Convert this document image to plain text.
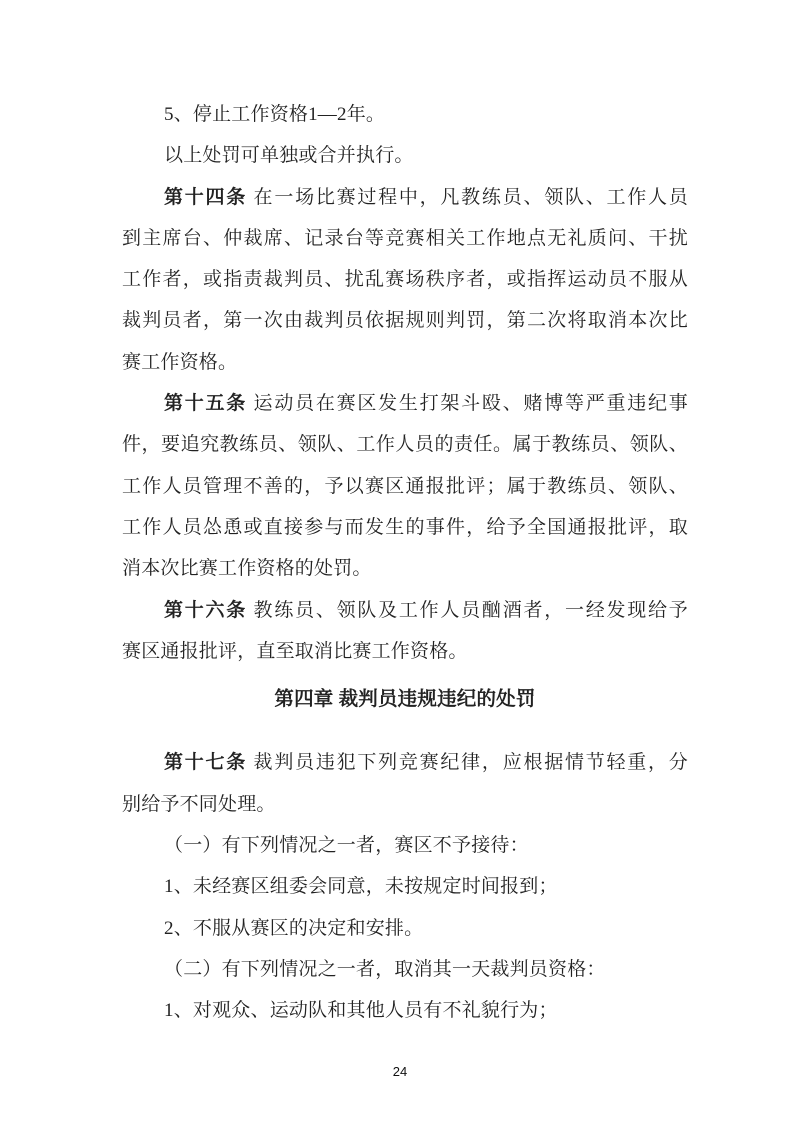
5、停止工作资格1—2年。
以上处罚可单独或合并执行。
第十四条 在一场比赛过程中，凡教练员、领队、工作人员
到主席台、仲裁席、记录台等竞赛相关工作地点无礼质问、干扰
工作者，或指责裁判员、扰乱赛场秩序者，或指挥运动员不服从
裁判员者，第一次由裁判员依据规则判罚，第二次将取消本次比
赛工作资格。
第十五条 运动员在赛区发生打架斗殴、赌博等严重违纪事
件，要追究教练员、领队、工作人员的责任。属于教练员、领队、
工作人员管理不善的，予以赛区通报批评；属于教练员、领队、
工作人员怂恿或直接参与而发生的事件，给予全国通报批评，取
消本次比赛工作资格的处罚。
第十六条 教练员、领队及工作人员酗酒者，一经发现给予
赛区通报批评，直至取消比赛工作资格。
第四章 裁判员违规违纪的处罚
第十七条 裁判员违犯下列竞赛纪律，应根据情节轻重，分
别给予不同处理。
（一）有下列情况之一者，赛区不予接待：
1、未经赛区组委会同意，未按规定时间报到；
2、不服从赛区的决定和安排。
（二）有下列情况之一者，取消其一天裁判员资格：
1、对观众、运动队和其他人员有不礼貌行为；
24
